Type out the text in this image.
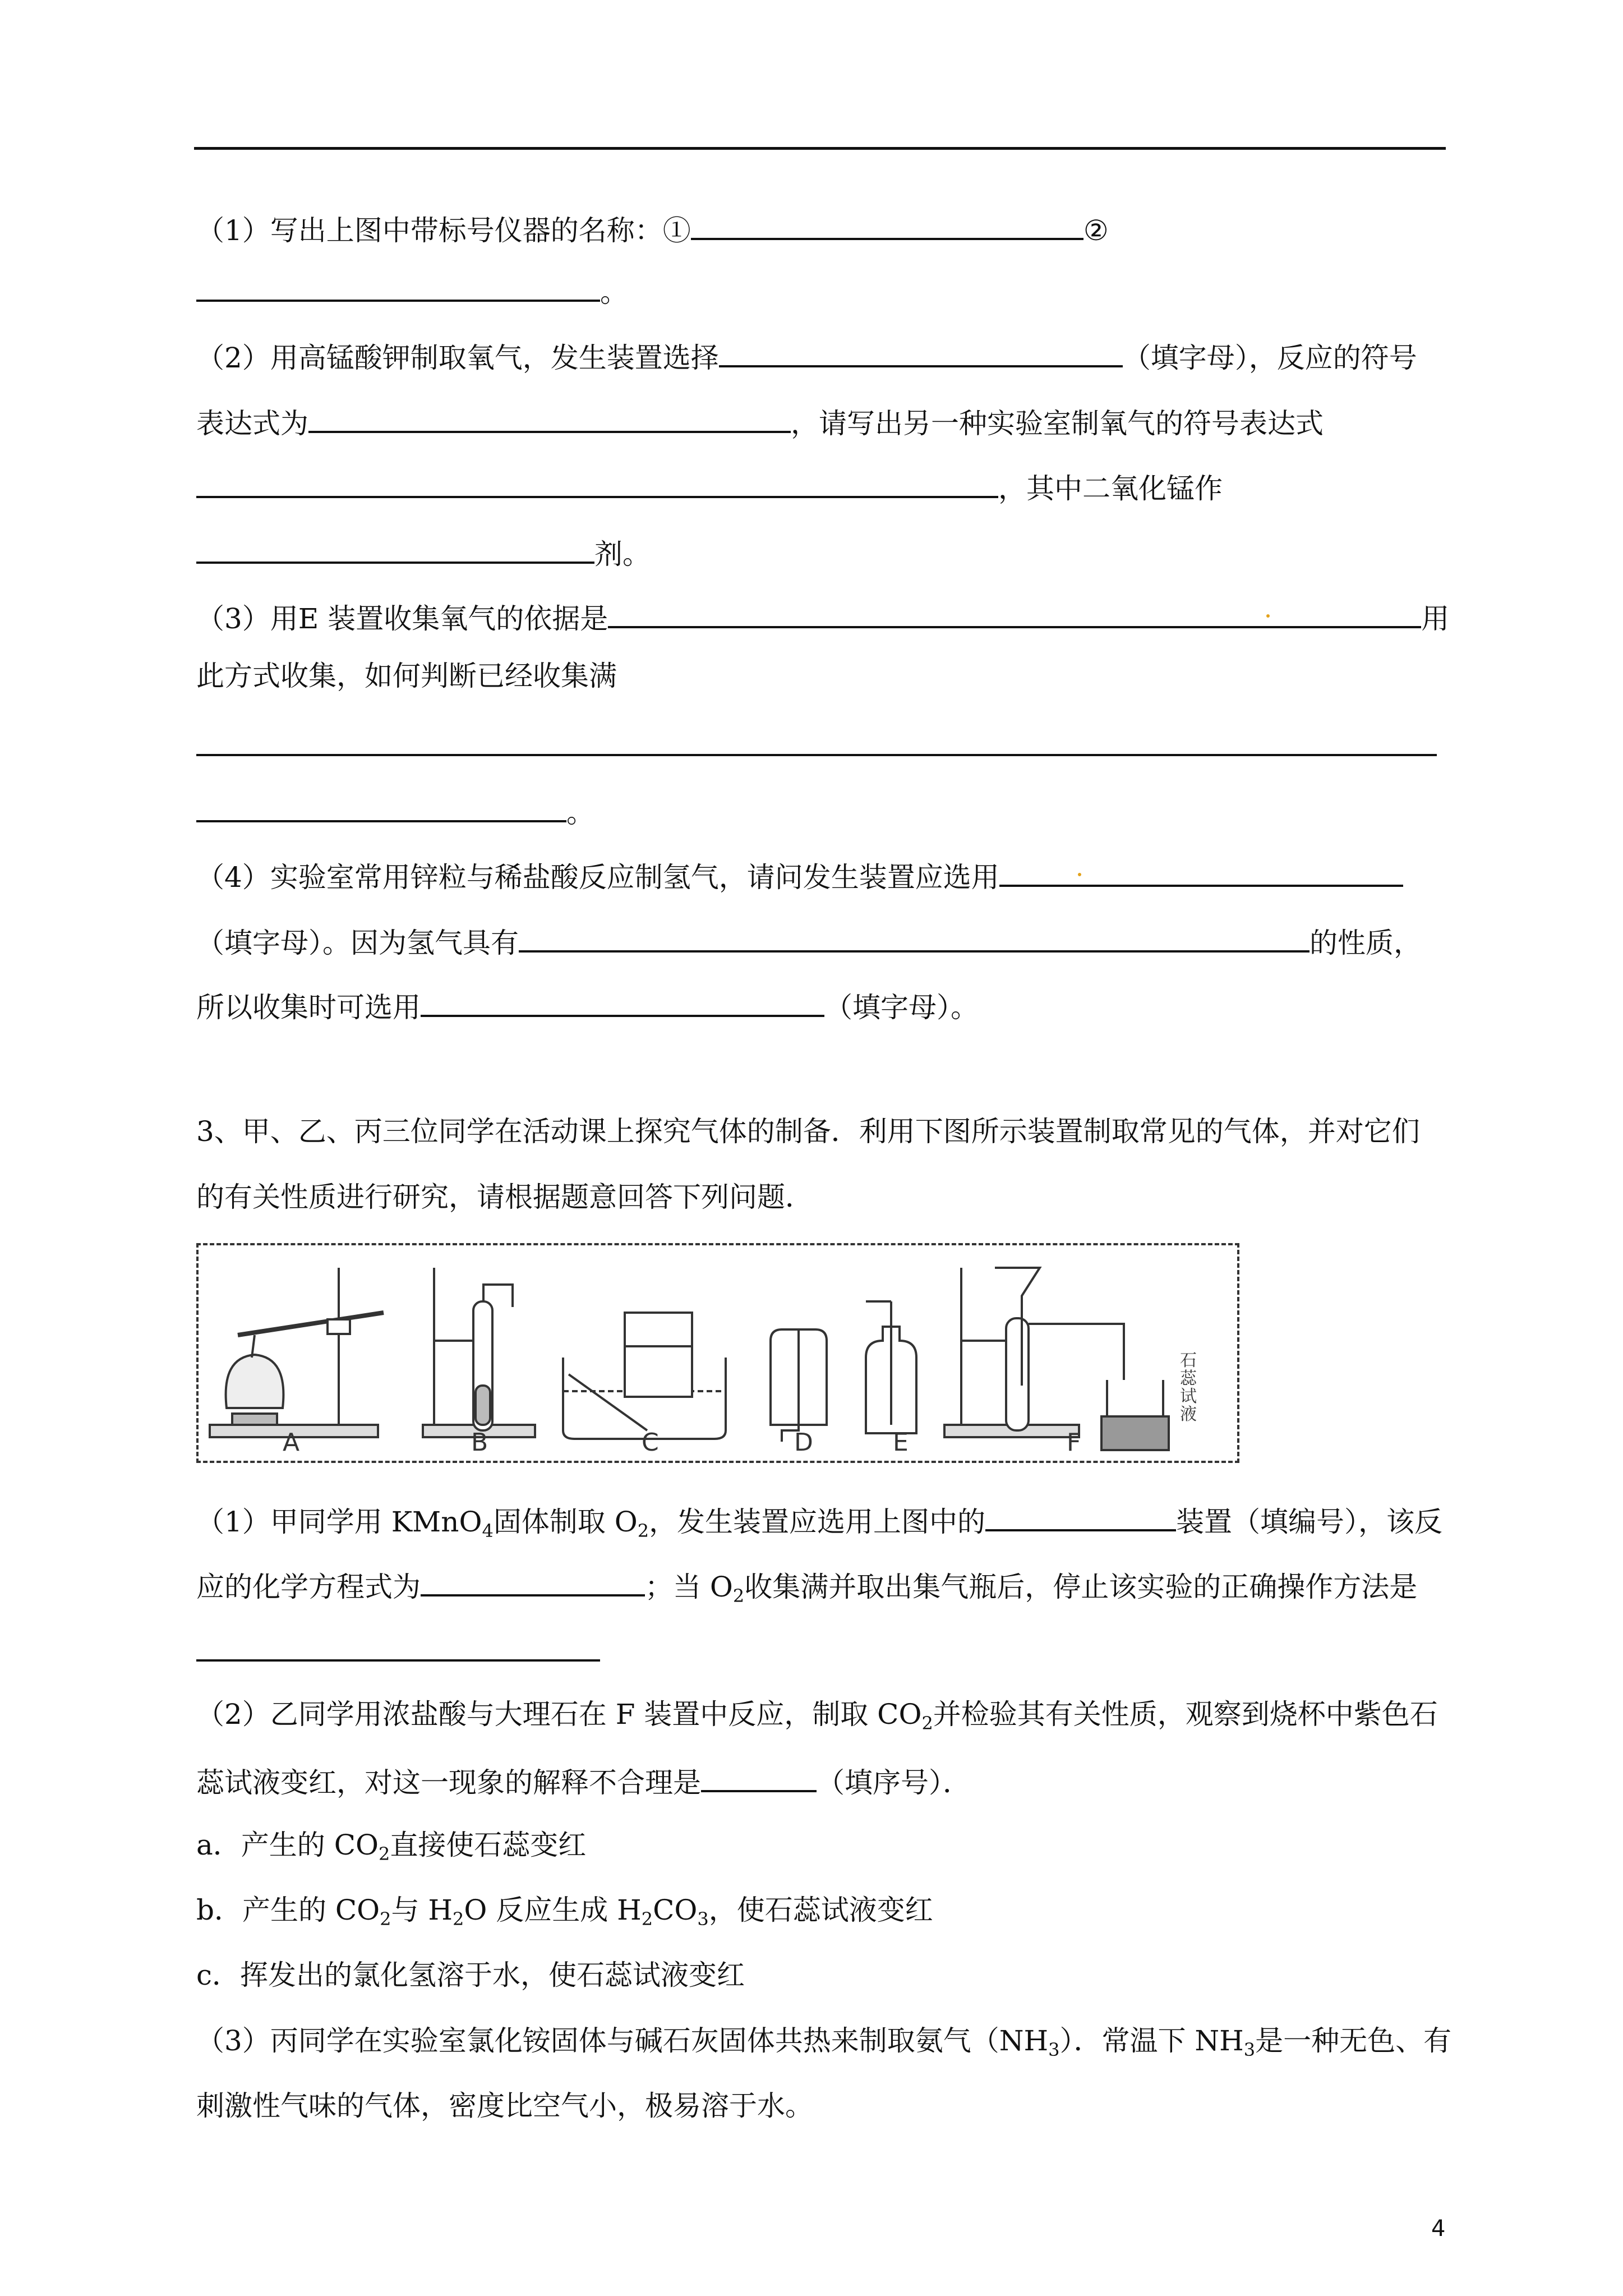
（1）写出上图中带标号仪器的名称：①	②
。
（2）用高锰酸钾制取氧气，发生装置选择	（填字母），反应的符号
表达式为	，请写出另一种实验室制氧气的符号表达式
，其中二氧化锰作
剂。
（3）用E 装置收集氧气的依据是	用
此方式收集，如何判断已经收集满
。
（4）实验室常用锌粒与稀盐酸反应制氢气，请问发生装置应选用
（填字母）。因为氢气具有	的性质，
所以收集时可选用	（填字母）。
3、甲、乙、丙三位同学在活动课上探究气体的制备．利用下图所示装置制取常见的气体，并对它们
的有关性质进行研究，请根据题意回答下列问题．
A	B	C	D	E	F
石蕊试液
（1）甲同学用 KMnO$_4$固体制取 $O_2$，发生装置应选用上图中的	装置（填编号），该反
应的化学方程式为	；当 $O_2$收集满并取出集气瓶后，停止该实验的正确操作方法是
（2）乙同学用浓盐酸与大理石在 F 装置中反应，制取 $CO_2$并检验其有关性质，观察到烧杯中紫色石
蕊试液变红，对这一现象的解释不合理是	（填序号）．
a．产生的 $CO_2$直接使石蕊变红
b．产生的 $CO_2$与 $H_2O$ 反应生成 $H_2CO_3$，使石蕊试液变红
c．挥发出的氯化氢溶于水，使石蕊试液变红
（3）丙同学在实验室氯化铵固体与碱石灰固体共热来制取氨气$(NH_3)$．常温下 $NH_3$是一种无色、有
刺激性气味的气体，密度比空气小，极易溶于水。
4
